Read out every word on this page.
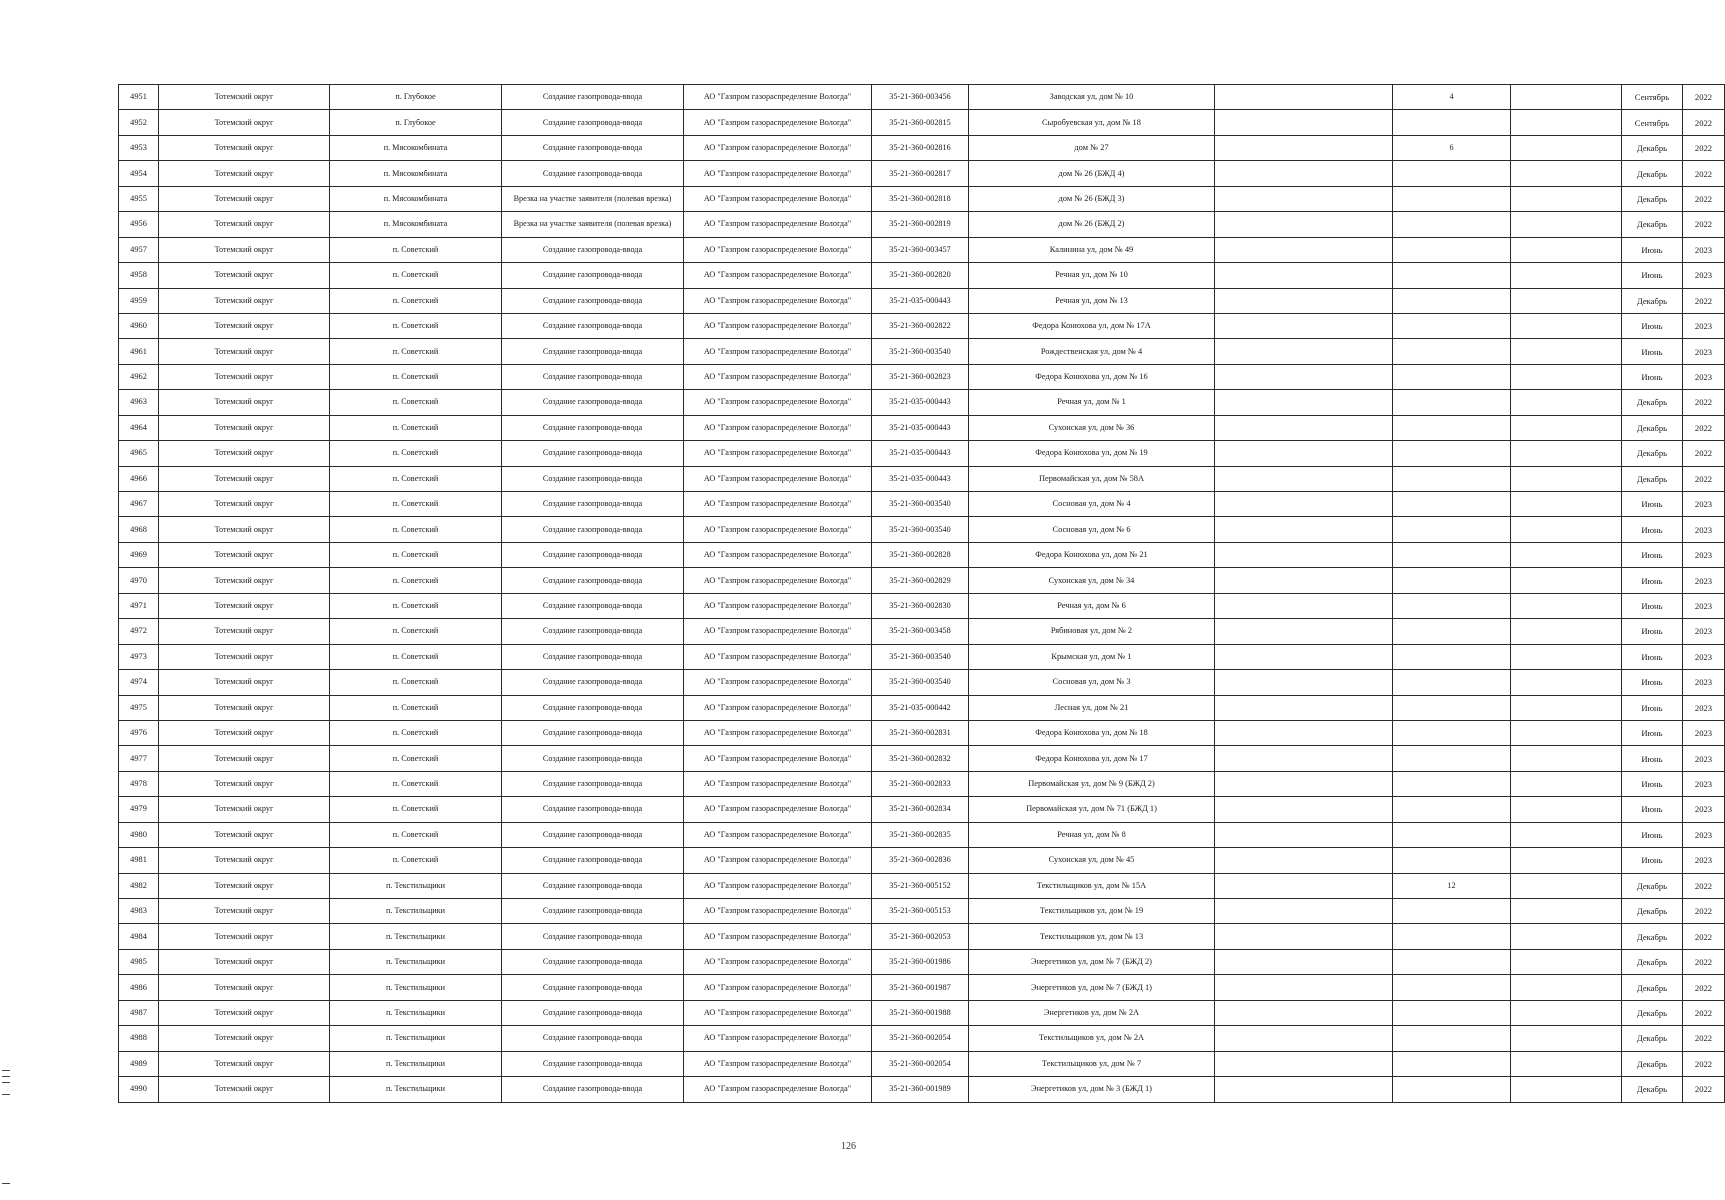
4951	Тотемский округ	п. Глубокое	Создание газопровода-ввода	АО "Газпром газораспределение Вологда"	35-21-360-003456	Заводская ул, дом № 10		4		Сентябрь	2022
4952	Тотемский округ	п. Глубокое	Создание газопровода-ввода	АО "Газпром газораспределение Вологда"	35-21-360-002815	Сыробуевская ул, дом № 18				Сентябрь	2022
4953	Тотемский округ	п. Мясокомбината	Создание газопровода-ввода	АО "Газпром газораспределение Вологда"	35-21-360-002816	дом № 27		6		Декабрь	2022
4954	Тотемский округ	п. Мясокомбината	Создание газопровода-ввода	АО "Газпром газораспределение Вологда"	35-21-360-002817	дом № 26 (БЖД 4)				Декабрь	2022
4955	Тотемский округ	п. Мясокомбината	Врезка на участке заявителя (полевая врезка)	АО "Газпром газораспределение Вологда"	35-21-360-002818	дом № 26 (БЖД 3)				Декабрь	2022
4956	Тотемский округ	п. Мясокомбината	Врезка на участке заявителя (полевая врезка)	АО "Газпром газораспределение Вологда"	35-21-360-002819	дом № 26 (БЖД 2)				Декабрь	2022
4957	Тотемский округ	п. Советский	Создание газопровода-ввода	АО "Газпром газораспределение Вологда"	35-21-360-003457	Калинина ул, дом № 49				Июнь	2023
4958	Тотемский округ	п. Советский	Создание газопровода-ввода	АО "Газпром газораспределение Вологда"	35-21-360-002820	Речная ул, дом № 10				Июнь	2023
4959	Тотемский округ	п. Советский	Создание газопровода-ввода	АО "Газпром газораспределение Вологда"	35-21-035-000443	Речная ул, дом № 13				Декабрь	2022
4960	Тотемский округ	п. Советский	Создание газопровода-ввода	АО "Газпром газораспределение Вологда"	35-21-360-002822	Федора Конюхова ул, дом № 17А				Июнь	2023
4961	Тотемский округ	п. Советский	Создание газопровода-ввода	АО "Газпром газораспределение Вологда"	35-21-360-003540	Рождественская ул, дом № 4				Июнь	2023
4962	Тотемский округ	п. Советский	Создание газопровода-ввода	АО "Газпром газораспределение Вологда"	35-21-360-002823	Федора Конюхова ул, дом № 16				Июнь	2023
4963	Тотемский округ	п. Советский	Создание газопровода-ввода	АО "Газпром газораспределение Вологда"	35-21-035-000443	Речная ул, дом № 1				Декабрь	2022
4964	Тотемский округ	п. Советский	Создание газопровода-ввода	АО "Газпром газораспределение Вологда"	35-21-035-000443	Сухонская ул, дом № 36				Декабрь	2022
4965	Тотемский округ	п. Советский	Создание газопровода-ввода	АО "Газпром газораспределение Вологда"	35-21-035-000443	Федора Конюхова ул, дом № 19				Декабрь	2022
4966	Тотемский округ	п. Советский	Создание газопровода-ввода	АО "Газпром газораспределение Вологда"	35-21-035-000443	Первомайская ул, дом № 58А				Декабрь	2022
4967	Тотемский округ	п. Советский	Создание газопровода-ввода	АО "Газпром газораспределение Вологда"	35-21-360-003540	Сосновая ул, дом № 4				Июнь	2023
4968	Тотемский округ	п. Советский	Создание газопровода-ввода	АО "Газпром газораспределение Вологда"	35-21-360-003540	Сосновая ул, дом № 6				Июнь	2023
4969	Тотемский округ	п. Советский	Создание газопровода-ввода	АО "Газпром газораспределение Вологда"	35-21-360-002828	Федора Конюхова ул, дом № 21				Июнь	2023
4970	Тотемский округ	п. Советский	Создание газопровода-ввода	АО "Газпром газораспределение Вологда"	35-21-360-002829	Сухонская ул, дом № 34				Июнь	2023
4971	Тотемский округ	п. Советский	Создание газопровода-ввода	АО "Газпром газораспределение Вологда"	35-21-360-002830	Речная ул, дом № 6				Июнь	2023
4972	Тотемский округ	п. Советский	Создание газопровода-ввода	АО "Газпром газораспределение Вологда"	35-21-360-003458	Рябиновая ул, дом № 2				Июнь	2023
4973	Тотемский округ	п. Советский	Создание газопровода-ввода	АО "Газпром газораспределение Вологда"	35-21-360-003540	Крымская ул, дом № 1				Июнь	2023
4974	Тотемский округ	п. Советский	Создание газопровода-ввода	АО "Газпром газораспределение Вологда"	35-21-360-003540	Сосновая ул, дом № 3				Июнь	2023
4975	Тотемский округ	п. Советский	Создание газопровода-ввода	АО "Газпром газораспределение Вологда"	35-21-035-000442	Лесная ул, дом № 21				Июнь	2023
4976	Тотемский округ	п. Советский	Создание газопровода-ввода	АО "Газпром газораспределение Вологда"	35-21-360-002831	Федора Конюхова ул, дом № 18				Июнь	2023
4977	Тотемский округ	п. Советский	Создание газопровода-ввода	АО "Газпром газораспределение Вологда"	35-21-360-002832	Федора Конюхова ул, дом № 17				Июнь	2023
4978	Тотемский округ	п. Советский	Создание газопровода-ввода	АО "Газпром газораспределение Вологда"	35-21-360-002833	Первомайская ул, дом № 9 (БЖД 2)				Июнь	2023
4979	Тотемский округ	п. Советский	Создание газопровода-ввода	АО "Газпром газораспределение Вологда"	35-21-360-002834	Первомайская ул, дом № 71 (БЖД 1)				Июнь	2023
4980	Тотемский округ	п. Советский	Создание газопровода-ввода	АО "Газпром газораспределение Вологда"	35-21-360-002835	Речная ул, дом № 8				Июнь	2023
4981	Тотемский округ	п. Советский	Создание газопровода-ввода	АО "Газпром газораспределение Вологда"	35-21-360-002836	Сухонская ул, дом № 45				Июнь	2023
4982	Тотемский округ	п. Текстильщики	Создание газопровода-ввода	АО "Газпром газораспределение Вологда"	35-21-360-005152	Текстильщиков ул, дом № 15А		12		Декабрь	2022
4983	Тотемский округ	п. Текстильщики	Создание газопровода-ввода	АО "Газпром газораспределение Вологда"	35-21-360-005153	Текстильщиков ул, дом № 19				Декабрь	2022
4984	Тотемский округ	п. Текстильщики	Создание газопровода-ввода	АО "Газпром газораспределение Вологда"	35-21-360-002053	Текстильщиков ул, дом № 13				Декабрь	2022
4985	Тотемский округ	п. Текстильщики	Создание газопровода-ввода	АО "Газпром газораспределение Вологда"	35-21-360-001986	Энергетиков ул, дом № 7 (БЖД 2)				Декабрь	2022
4986	Тотемский округ	п. Текстильщики	Создание газопровода-ввода	АО "Газпром газораспределение Вологда"	35-21-360-001987	Энергетиков ул, дом № 7 (БЖД 1)				Декабрь	2022
4987	Тотемский округ	п. Текстильщики	Создание газопровода-ввода	АО "Газпром газораспределение Вологда"	35-21-360-001988	Энергетиков ул, дом № 2А				Декабрь	2022
4988	Тотемский округ	п. Текстильщики	Создание газопровода-ввода	АО "Газпром газораспределение Вологда"	35-21-360-002054	Текстильщиков ул, дом № 2А				Декабрь	2022
4989	Тотемский округ	п. Текстильщики	Создание газопровода-ввода	АО "Газпром газораспределение Вологда"	35-21-360-002054	Текстильщиков ул, дом № 7				Декабрь	2022
4990	Тотемский округ	п. Текстильщики	Создание газопровода-ввода	АО "Газпром газораспределение Вологда"	35-21-360-001989	Энергетиков ул, дом № 3 (БЖД 1)				Декабрь	2022
126
